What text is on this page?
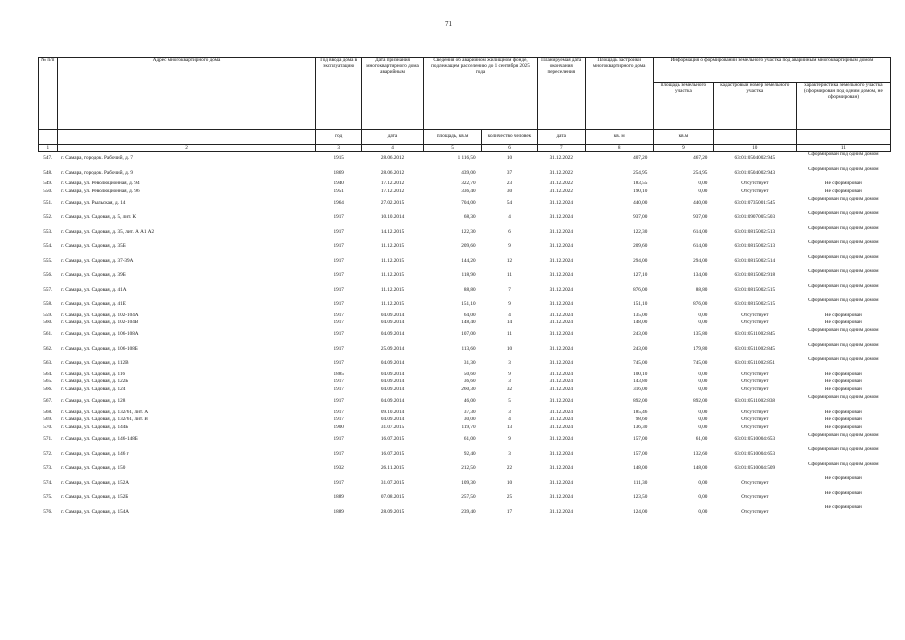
71
№ п/п	Адрес многоквартирного дома	Год ввода дома в эксплуатацию	Дата признания многоквартирного дома аварийным	Сведения об аварийном жилищном фонде, подлежащем расселению до 1 сентября 2025 года		Планируемая дата окончания переселения	Площадь застройки многоквартирного дома	Информация о формировании земельного участка под аварийным многоквартирным домом		
								площадь земельного участка	кадастровый номер земельного участка	характеристика земельного участка (сформирован под одним домом, не сформирован)
		год	дата	площадь, кв.м	количество человек	дата	кв. м	кв.м		
1	2	3	4	5	6	7	8	9	10	11
547.	г. Самара, городок. Рабочий, д. 7	1915	28.06.2012	1 116,50	10	31.12.2022	407,20	467,20	63:01:0504002:945	Сформирован под одним домом
548.	г. Самара, городок. Рабочий, д. 9	1869	28.06.2012	439,00	37	31.12.2022	254,95	254,95	63:01:0504002:943	Сформирован под одним домом
549.	г. Самара, ул. Революционная, д. 94	1940	17.12.2012	322,70	23	31.12.2022	183,55	0,00	Отсутствует	Не сформирован
550.	г. Самара, ул. Революционная, д. 96	1951	17.12.2012	336,40	30	31.12.2022	190,10	0,00	Отсутствует	Не сформирован
551.	г. Самара, ул. Рыльская, д. 14	1964	27.02.2015	704,00	54	31.12.2024	440,00	440,00	63:01:0735001:545	Сформирован под одним домом
552.	г. Самара, ул. Садовая, д. 5, лит. К	1917	10.10.2014	68,30	4	31.12.2024	937,00	937,00	63:01:0907005:503	Сформирован под одним домом
553.	г. Самара, ул. Садовая, д. 35, лит. А А1 А2	1917	14.12.2015	122,30	6	31.12.2024	122,30	614,00	63:01:0815002:513	Сформирован под одним домом
554.	г. Самара, ул. Садовая, д. 35Б	1917	11.12.2015	209,60	9	31.12.2024	209,60	614,00	63:01:0815002:513	Сформирован под одним домом
555.	г. Самара, ул. Садовая, д. 37-39А	1917	11.12.2015	144,20	12	31.12.2024	294,00	294,00	63:01:0815002:514	Сформирован под одним домом
556.	г. Самара, ул. Садовая, д. 39Б	1917	11.12.2015	118,90	11	31.12.2024	127,10	134,00	63:01:0815002:918	Сформирован под одним домом
557.	г. Самара, ул. Садовая, д. 41А	1917	11.12.2015	88,80	7	31.12.2024	876,00	88,80	63:01:0815002:515	Сформирован под одним домом
558.	г. Самара, ул. Садовая, д. 41Е	1917	11.12.2015	151,10	9	31.12.2024	151,10	876,00	63:01:0815002:515	Сформирован под одним домом
559.	г. Самара, ул. Садовая, д. 102-104А	1917	04.09.2014	64,00	4	31.12.2024	135,00	0,00	Отсутствует	Не сформирован
560.	г. Самара, ул. Садовая, д. 102-104В	1917	04.09.2014	148,40	14	31.12.2024	148,00	0,00	Отсутствует	Не сформирован
561.	г. Самара, ул. Садовая, д. 106-108А	1917	04.09.2014	107,00	11	31.12.2024	243,00	135,80	63:01:0511002:845	Сформирован под одним домом
562.	г. Самара, ул. Садовая, д. 106-108Б	1917	25.09.2014	113,60	10	31.12.2024	243,00	179,80	63:01:0511002:845	Сформирован под одним домом
563.	г. Самара, ул. Садовая, д. 112В	1917	04.09.2014	31,30	3	31.12.2024	745,00	745,00	63:01:0511002:851	Сформирован под одним домом
564.	г. Самара, ул. Садовая, д. 116	1885	04.09.2014	50,60	9	31.12.2024	100,10	0,00	Отсутствует	Не сформирован
565.	г. Самара, ул. Садовая, д. 122Б	1917	04.09.2014	36,60	3	31.12.2024	143,80	0,00	Отсутствует	Не сформирован
566.	г. Самара, ул. Садовая, д. 124	1917	04.09.2014	260,30	32	31.12.2024	316,00	0,00	Отсутствует	Не сформирован
567.	г. Самара, ул. Садовая, д. 128	1917	04.09.2014	46,00	5	31.12.2024	892,00	892,00	63:01:0511002:838	Сформирован под одним домом
568.	г. Самара, ул. Садовая, д. 132/61, лит. А	1917	09.10.2014	37,30	3	31.12.2024	185,46	0,00	Отсутствует	Не сформирован
569.	г. Самара, ул. Садовая, д. 132/61, лит. В	1917	04.09.2014	30,00	4	31.12.2024	98,60	0,00	Отсутствует	Не сформирован
570.	г. Самара, ул. Садовая, д. 144Б	1900	31.07.2015	119,70	13	31.12.2024	136,30	0,00	Отсутствует	Не сформирован
571.	г. Самара, ул. Садовая, д. 146-148Б	1917	16.07.2015	61,00	9	31.12.2024	157,00	61,00	63:01:0510004:653	Сформирован под одним домом
572.	г. Самара, ул. Садовая, д. 146 г	1917	16.07.2015	92,40	3	31.12.2024	157,00	132,60	63:01:0510004:653	Сформирован под одним домом
573.	г. Самара, ул. Садовая, д. 150	1932	26.11.2015	212,50	22	31.12.2024	148,00	148,00	63:01:0510004:509	Сформирован под одним домом
574.	г. Самара, ул. Садовая, д. 152А	1917	31.07.2015	109,30	10	31.12.2024	111,30	0,00	Отсутствует	Не сформирован
575.	г. Самара, ул. Садовая, д. 152Б	1889	07.08.2015	257,50	25	31.12.2024	123,50	0,00	Отсутствует	Не сформирован
576.	г. Самара, ул. Садовая, д. 154А	1889	28.09.2015	239,40	17	31.12.2024	124,00	0,00	Отсутствует	Не сформирован
